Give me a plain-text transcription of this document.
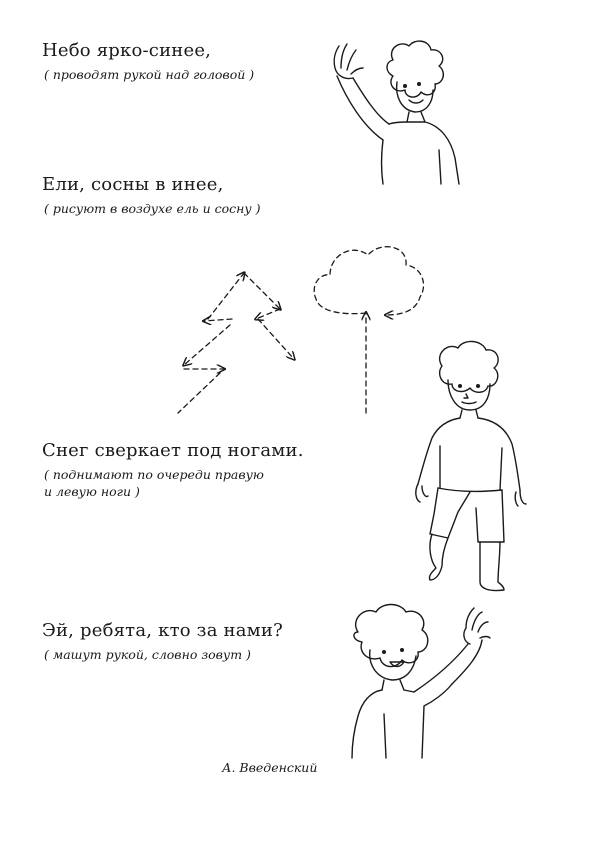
Небо ярко-синее,

( проводят рукой над головой )

Ели, сосны в инее,

( рисуют в воздухе ель и сосну )

Снег сверкает под ногами.

( поднимают по очереди правую
и левую ноги )

Эй, ребята, кто за нами?

( машут рукой, словно зовут )

А. Введенский
